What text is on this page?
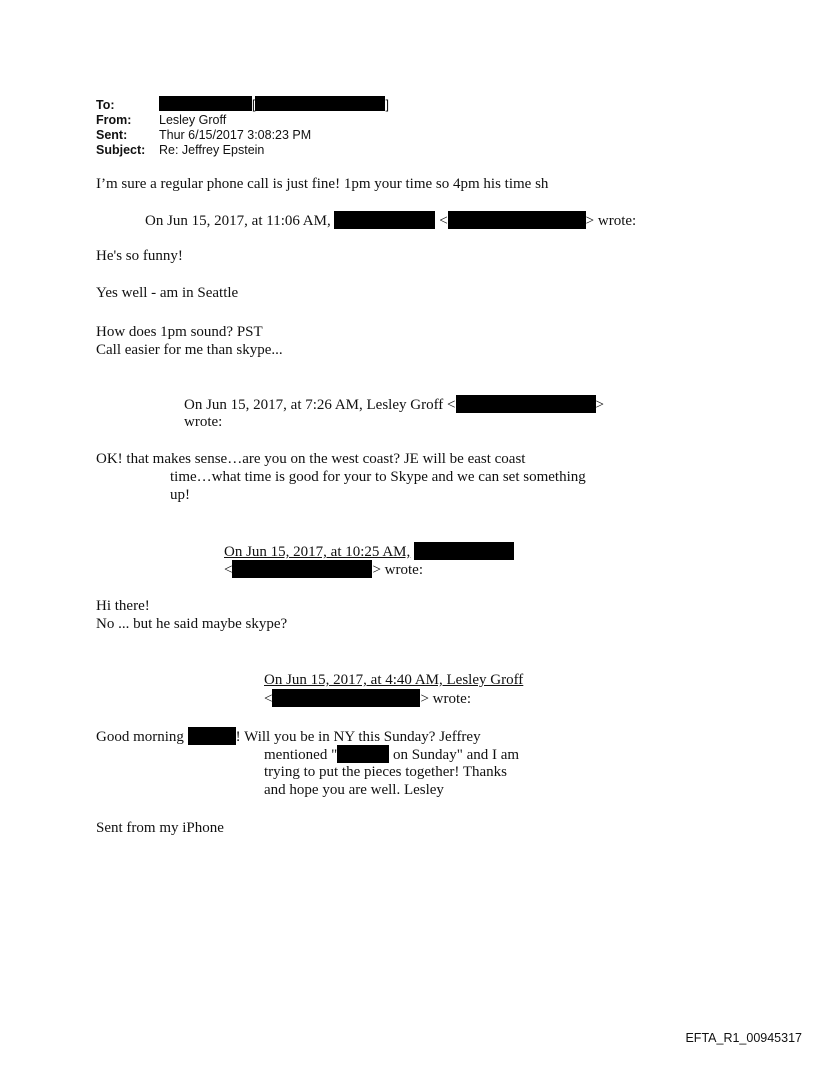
To:	[	]
From: Lesley Groff
Sent:	Thur 6/15/2017 3:08:23 PM
Subject: Re: Jeffrey Epstein
I’m sure a regular phone call is just fine! 1pm your time so 4pm his time sh
On Jun 15, 2017, at 11:06 AM,	<	> wrote:
He's so funny!
Yes well - am in Seattle
How does 1pm sound? PST
Call easier for me than skype...
On Jun 15, 2017, at 7:26 AM, Lesley Groff <	>
wrote:
OK! that makes sense…are you on the west coast? JE will be east coast
time…what time is good for your to Skype and we can set something
up!
On Jun 15, 2017, at 10:25 AM,
<	> wrote:
Hi there!
No ... but he said maybe skype?
On Jun 15, 2017, at 4:40 AM, Lesley Groff
<	> wrote:
Good morning	! Will you be in NY this Sunday? Jeffrey
mentioned "	on Sunday" and I am
trying to put the pieces together! Thanks
and hope you are well. Lesley
Sent from my iPhone
EFTA_R1_00945317
